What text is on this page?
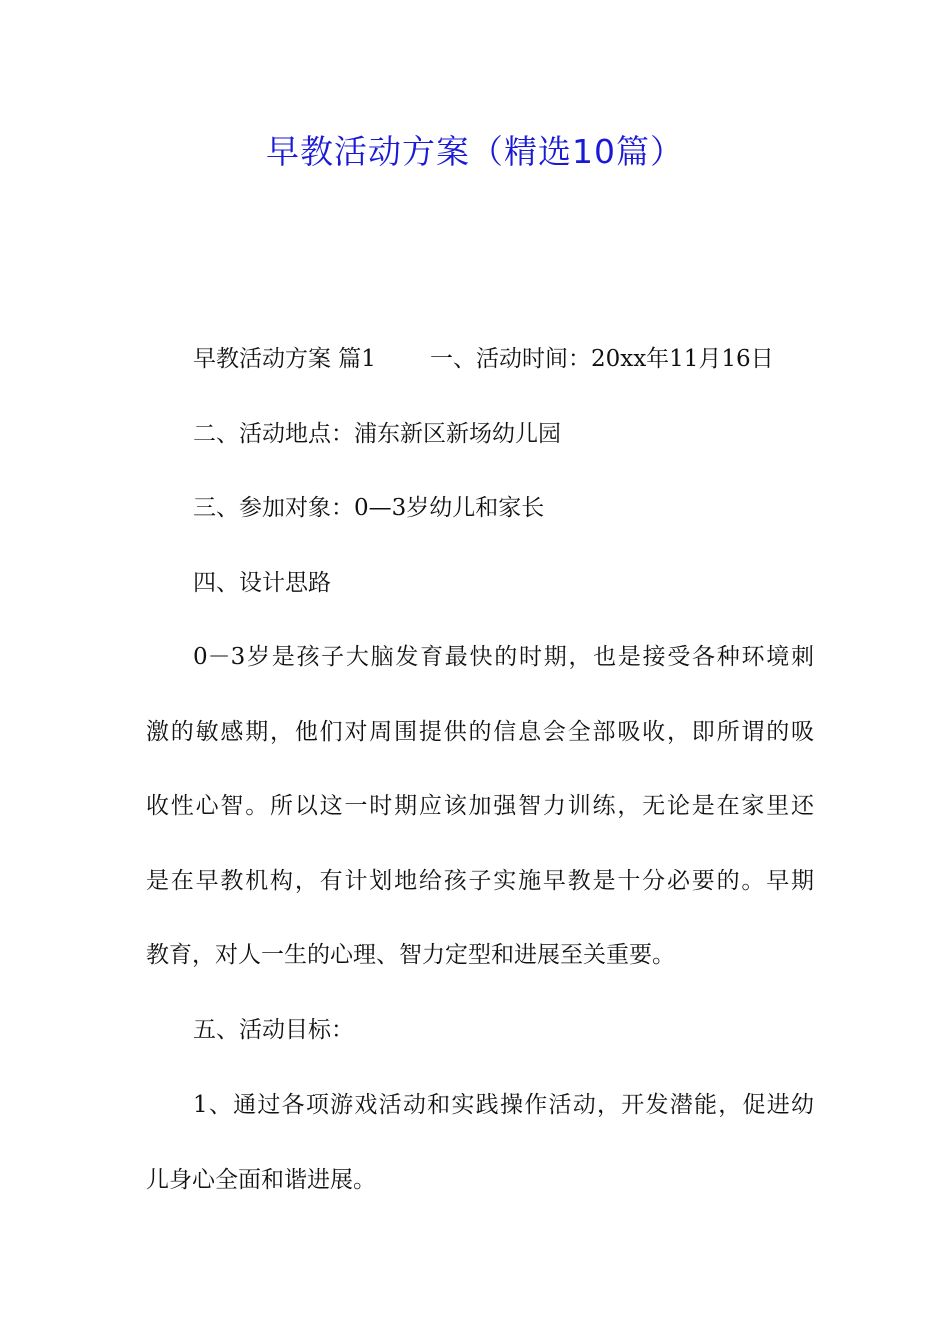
早教活动方案（精选10篇）
早教活动方案 篇1 一、活动时间：20xx年11月16日
二、活动地点：浦东新区新场幼儿园
三、参加对象：0—3岁幼儿和家长
四、设计思路
0－3岁是孩子大脑发育最快的时期，也是接受各种环境刺
激的敏感期，他们对周围提供的信息会全部吸收，即所谓的吸
收性心智。所以这一时期应该加强智力训练，无论是在家里还
是在早教机构，有计划地给孩子实施早教是十分必要的。早期
教育，对人一生的心理、智力定型和进展至关重要。
五、活动目标：
1、通过各项游戏活动和实践操作活动，开发潜能，促进幼
儿身心全面和谐进展。
